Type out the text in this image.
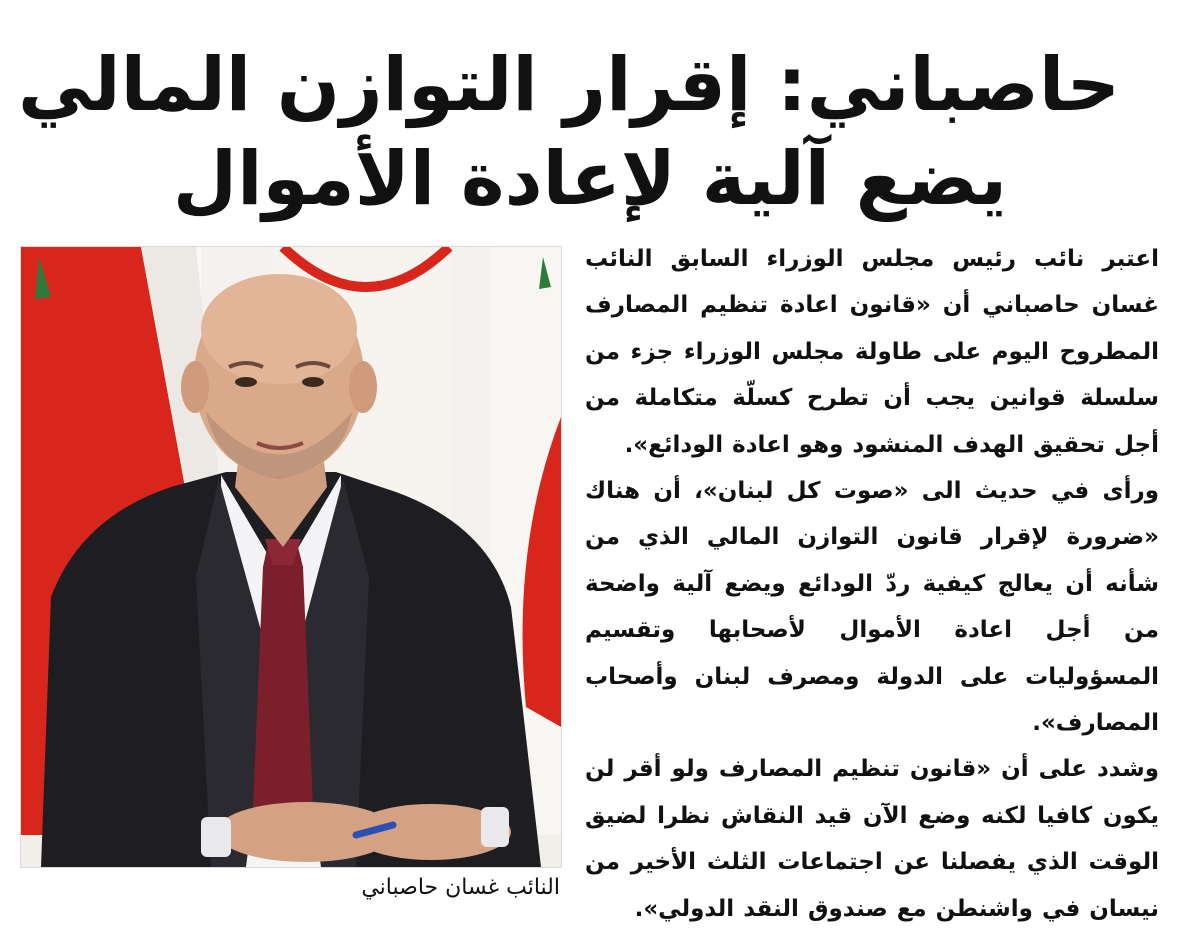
حاصباني: إقرار التوازن المالي
يضع آلية لإعادة الأموال
النائب غسان حاصباني

اعتبر نائب رئيس مجلس الوزراء السابق النائب غسان حاصباني أن «قانون اعادة تنظيم المصارف المطروح اليوم على طاولة مجلس الوزراء جزء من سلسلة قوانين يجب أن تطرح كسلّة متكاملة من أجل تحقيق الهدف المنشود وهو اعادة الودائع».

ورأى في حديث الى «صوت كل لبنان»، أن هناك «ضرورة لإقرار قانون التوازن المالي الذي من شأنه أن يعالج كيفية ردّ الودائع ويضع آلية واضحة من أجل اعادة الأموال لأصحابها وتقسيم المسؤوليات على الدولة ومصرف لبنان وأصحاب المصارف».

وشدد على أن «قانون تنظيم المصارف ولو أقر لن يكون كافيا لكنه وضع الآن قيد النقاش نظرا لضيق الوقت الذي يفصلنا عن اجتماعات الثلث الأخير من نيسان في واشنطن مع صندوق النقد الدولي».
